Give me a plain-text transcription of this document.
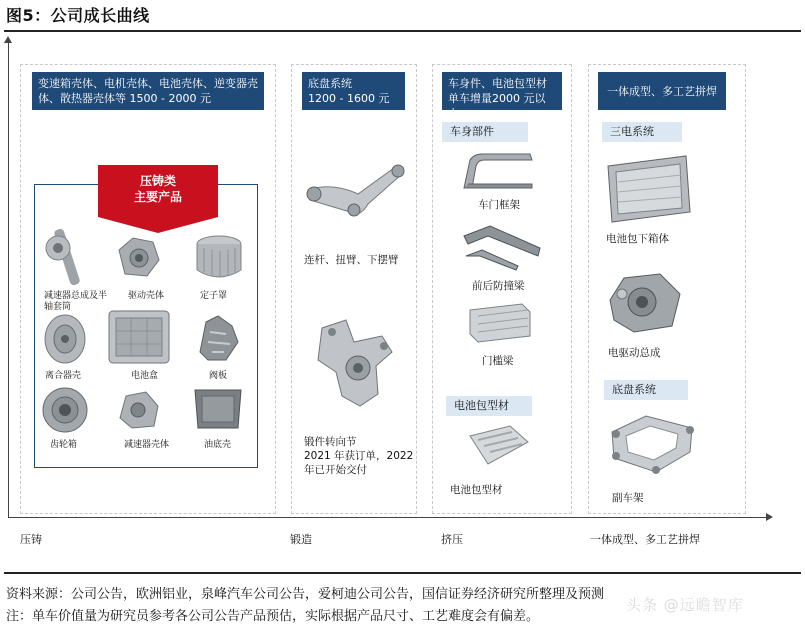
图5：公司成长曲线
压铸	锻造	挤压	一体成型、多工艺拼焊
变速箱壳体、电机壳体、电池壳体、逆变器壳体、散热器壳体等 1500 - 2000 元
压铸类
主要产品
减速器总成及半轴套筒
驱动壳体	定子罩
离合器壳	电池盒	阀板
齿轮箱	减速器壳体	油底壳
底盘系统
1200 - 1600 元
连杆、扭臂、下摆臂
锻件转向节
2021 年获订单，2022 年已开始交付
车身件、电池包型材
单车增量2000 元以上
车身部件
车门框架
前后防撞梁
门槛梁
电池包型材
电池包型材
一体成型、多工艺拼焊
三电系统
电池包下箱体
电驱动总成
底盘系统
副车架
资料来源：公司公告，欧洲铝业，泉峰汽车公司公告，爱柯迪公司公告，国信证券经济研究所整理及预测
注：单车价值量为研究员参考各公司公告产品预估，实际根据产品尺寸、工艺难度会有偏差。
头条 @远瞻智库
